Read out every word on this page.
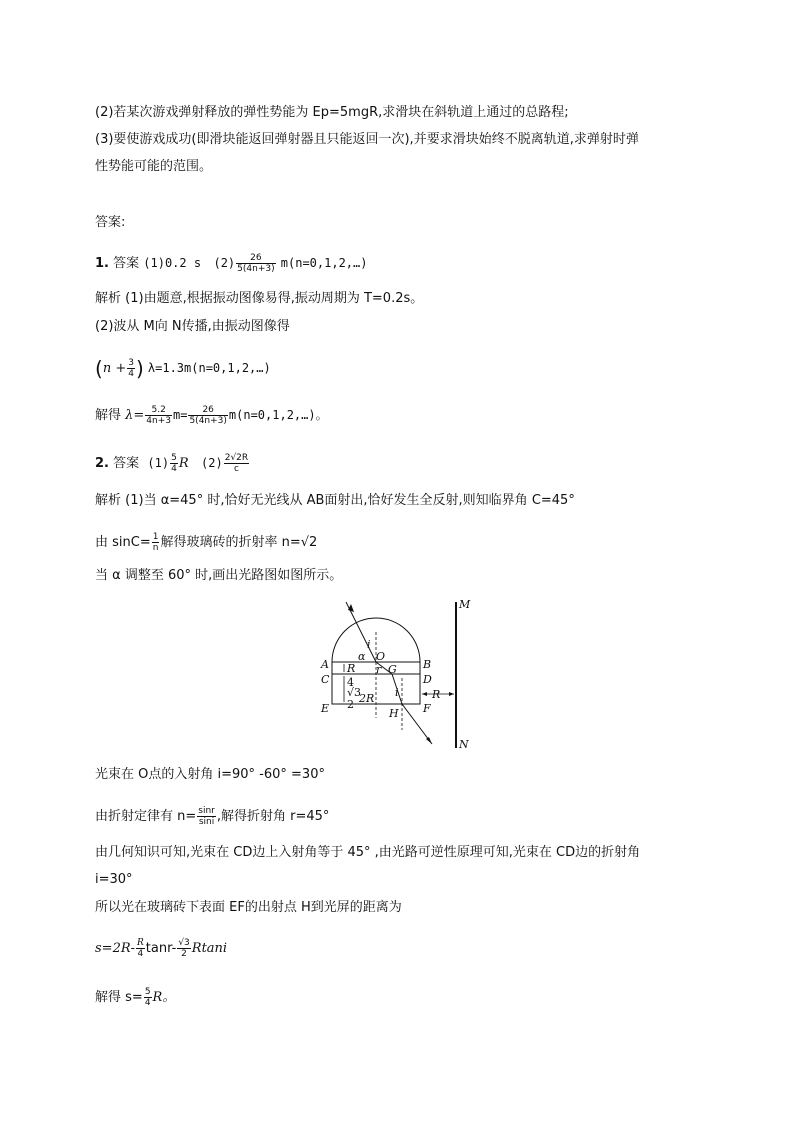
(2)若某次游戏弹射释放的弹性势能为 Ep=5mgR,求滑块在斜轨道上通过的总路程;
(3)要使游戏成功(即滑块能返回弹射器且只能返回一次),并要求滑块始终不脱离轨道,求弹射时弹
性势能可能的范围。
答案:
1. 答案 (1)0.2 s $(2) \frac{26}{5(4n+3)}$ m(n=0,1,2,…)
解析 (1)由题意,根据振动图像易得,振动周期为 T=0.2s。
(2)波从 M向 N传播,由振动图像得
($n + \frac{3}{4}$ ) λ=1.3m(n=0,1,2,…)
解得 $\lambda= \frac{5.2}{4n+3} m= \frac{26}{5(4n+3)}$ m(n=0,1,2,…)。
2. 答案 $(1) \frac{5}{4}$ R $(2) \frac{2√2R}{c}$
解析 (1)当 α=45° 时,恰好无光线从 AB面射出,恰好发生全反射,则知临界角 C=45°
由 $\sin C= \frac{1}{n}$ 解得玻璃砖的折射率 n=√2
当 α 调整至 60° 时,画出光路图如图所示。
A	B
C	D
E	F
G
H
M
N
O
α
i
r
R
R
4
√3
2 2R i
光束在 O点的入射角 i=90° -60° =30°
由折射定律有 $n= \frac{\sin r}{\sin i}$ ,解得折射角 r=45°
由几何知识可知,光束在 CD边上入射角等于 45° ,由光路可逆性原理可知,光束在 CD边的折射角
i=30°
所以光在玻璃砖下表面 EF的出射点 H到光屏的距离为
$s=2R- \frac{R}{4} \tan r- \frac{√3}{2}$ Rtani
解得 $s= \frac{5}{4}$ R。
